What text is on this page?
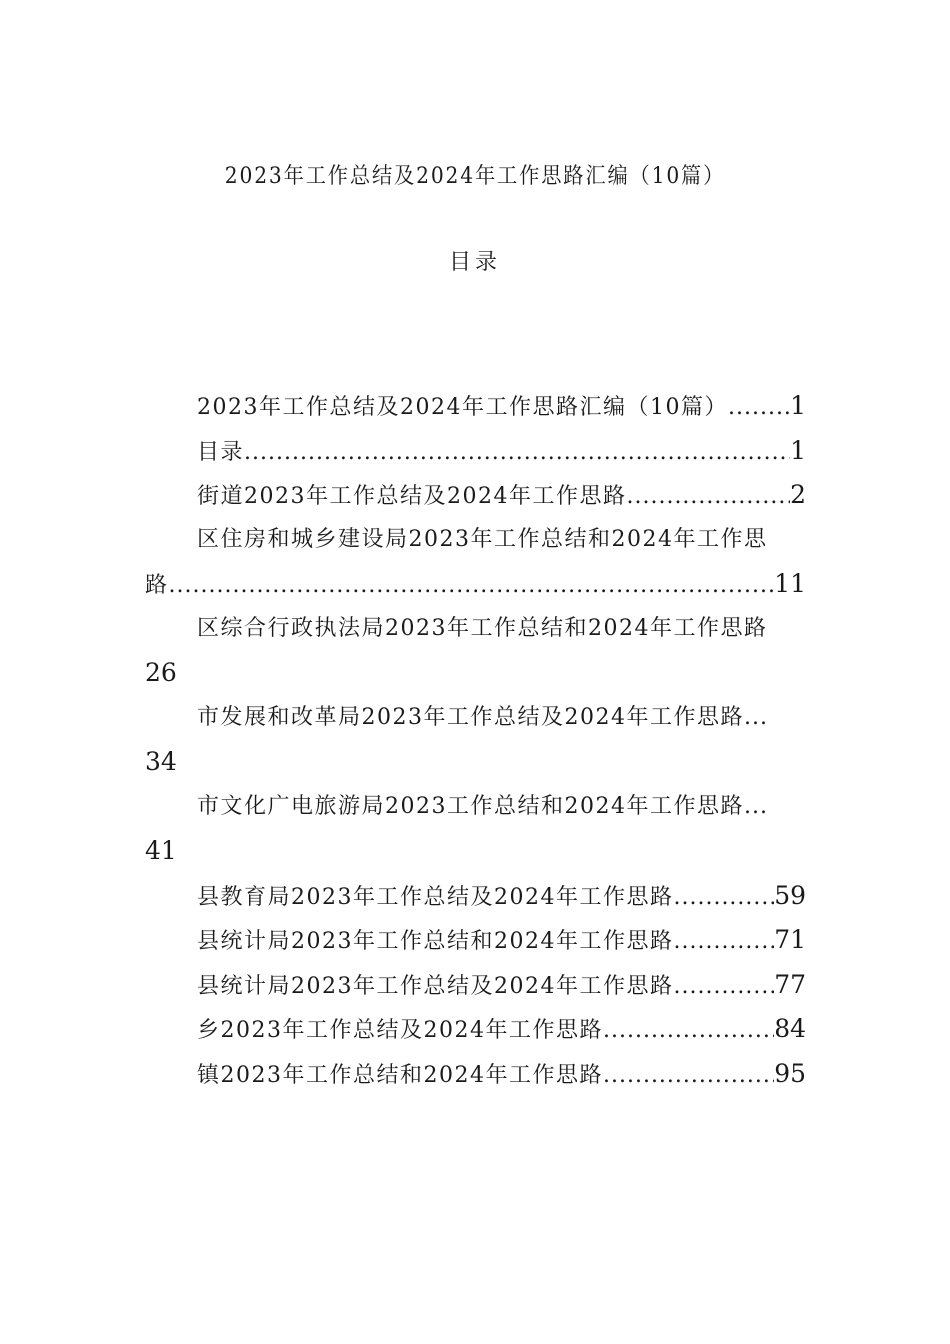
2023年工作总结及2024年工作思路汇编（10篇）
目录
2023年工作总结及2024年工作思路汇编（10篇） ..... 1
目录 .....	1
街道2023年工作总结及2024年工作思路 .....	2
区住房和城乡建设局2023年工作总结和2024年工作思
路 .....	11
区综合行政执法局2023年工作总结和2024年工作思路
26
市发展和改革局2023年工作总结及2024年工作思路 ...
34
市文化广电旅游局2023工作总结和2024年工作思路 ...
41
县教育局2023年工作总结及2024年工作思路 .....	59
县统计局2023年工作总结和2024年工作思路 .....	71
县统计局2023年工作总结及2024年工作思路 .....	77
乡2023年工作总结及2024年工作思路 .....	84
镇2023年工作总结和2024年工作思路 .....	95
